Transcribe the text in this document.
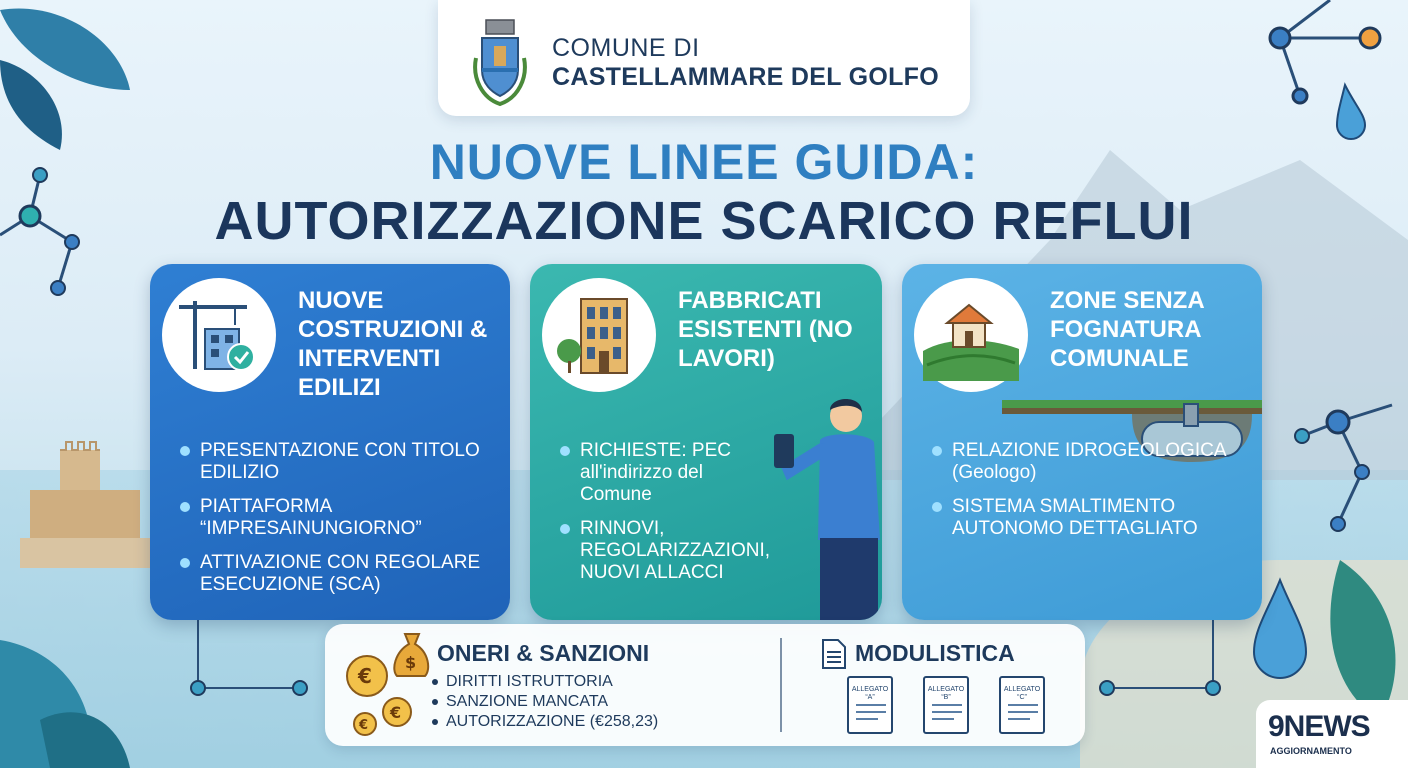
COMUNE DI
CASTELLAMMARE DEL GOLFO
NUOVE LINEE GUIDA:
AUTORIZZAZIONE SCARICO REFLUI
NUOVE COSTRUZIONI & INTERVENTI EDILIZI
PRESENTAZIONE CON TITOLO EDILIZIO
PIATTAFORMA “IMPRESAINUNGIORNO”
ATTIVAZIONE CON REGOLARE ESECUZIONE (SCA)
FABBRICATI ESISTENTI (NO LAVORI)
RICHIESTE: PEC all'indirizzo del Comune
RINNOVI, REGOLARIZZAZIONI, NUOVI ALLACCI
ZONE SENZA FOGNATURA COMUNALE
RELAZIONE IDROGEOLOGICA (Geologo)
SISTEMA SMALTIMENTO AUTONOMO DETTAGLIATO
$
€
€
€
ONERI & SANZIONI
DIRITTI ISTRUTTORIA
SANZIONE MANCATA
AUTORIZZAZIONE (€258,23)
MODULISTICA
ALLEGATO “A”
ALLEGATO “B”
ALLEGATO “C”
9NEWS
AGGIORNAMENTO
